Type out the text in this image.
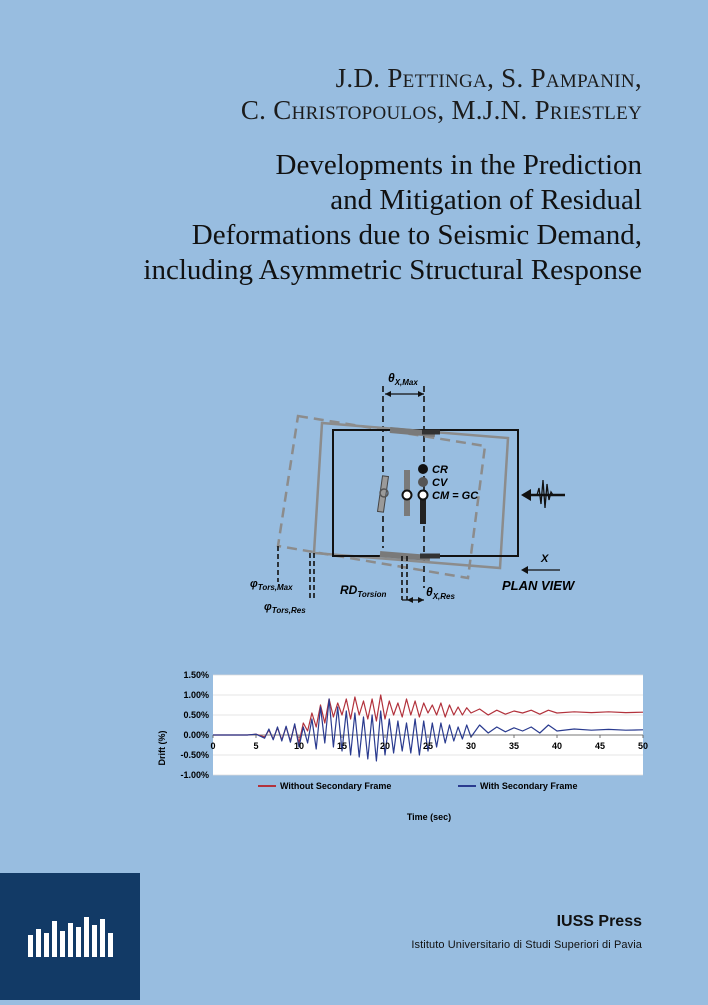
J.D. Pettinga, S. Pampanin,
C. Christopoulos, M.J.N. Priestley
Developments in the Prediction
and Mitigation of Residual
Deformations due to Seismic Demand,
including Asymmetric Structural Response
$\theta_{X,Max}$
CR
CV
CM = GC
X
PLAN VIEW
$\varphi_{Tors,Max}$
$\varphi_{Tors,Res}$
$RD_{Torsion}$	$\theta_{X,Res}$
1.50%
1.00%
0.50%
0.00%
-0.50%
-1.00%
0	5	10	15	20	25	30	35	40	45	50
Drift (%)
Time (sec)
Without Secondary Frame	With Secondary Frame
IUSS Press
Istituto Universitario di Studi Superiori di Pavia
